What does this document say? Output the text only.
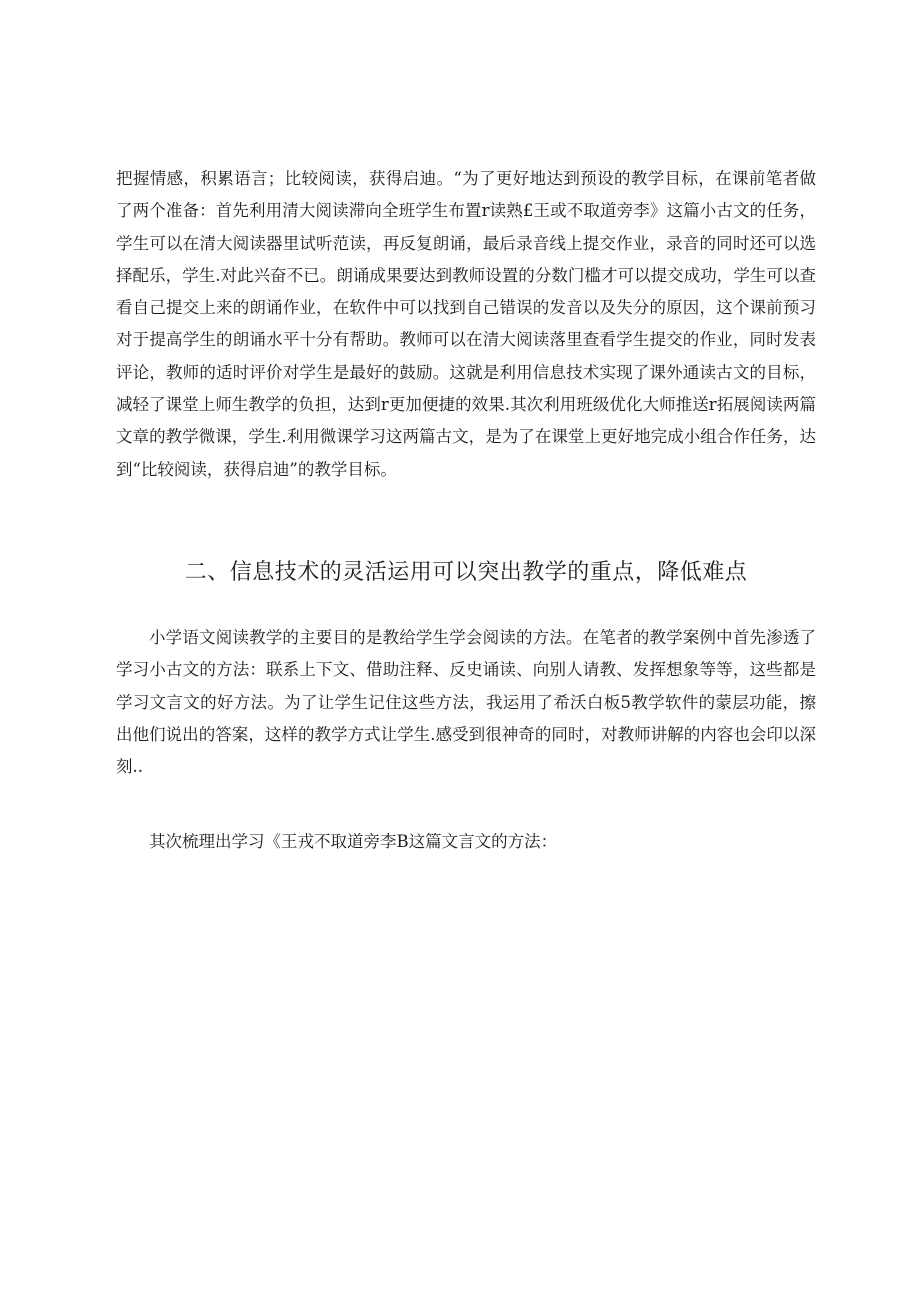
把握情感，积累语言；比较阅读，获得启迪。“为了更好地达到预设的教学目标，在课前笔者做了两个准备：首先利用清大阅读滞向全班学生布置r读熟£王或不取道旁李》这篇小古文的任务，学生可以在清大阅读器里试听范读，再反复朗诵，最后录音线上提交作业，录音的同时还可以选择配乐，学生.对此兴奋不已。朗诵成果要达到教师设置的分数门槛才可以提交成功，学生可以查看自己提交上来的朗诵作业，在软件中可以找到自己错误的发音以及失分的原因，这个课前预习对于提高学生的朗诵水平十分有帮助。教师可以在清大阅读落里查看学生提交的作业，同时发表评论，教师的适时评价对学生是最好的鼓励。这就是利用信息技术实现了课外通读古文的目标，减轻了课堂上师生教学的负担，达到r更加便捷的效果.其次利用班级优化大师推送r拓展阅读两篇文章的教学微课，学生.利用微课学习这两篇古文，是为了在课堂上更好地完成小组合作任务，达到“比较阅读，获得启迪”的教学目标。

二、信息技术的灵活运用可以突出教学的重点，降低难点

小学语文阅读教学的主要目的是教给学生学会阅读的方法。在笔者的教学案例中首先渗透了学习小古文的方法：联系上下文、借助注释、反史诵读、向别人请教、发挥想象等等，这些都是学习文言文的好方法。为了让学生记住这些方法，我运用了希沃白板5教学软件的蒙层功能，擦出他们说出的答案，这样的教学方式让学生.感受到很神奇的同时，对教师讲解的内容也会印以深刻..

其次梳理出学习《王戎不取道旁李B这篇文言文的方法：
